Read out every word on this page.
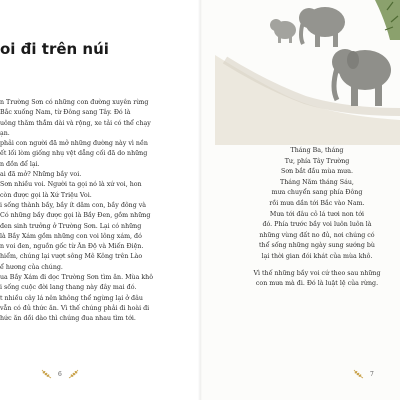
oi đi trên núi
n Trường Sơn có những con đường xuyên rừng
Bắc xuống Nam, từ Đông sang Tây. Đó là
uông thăm thẳm dài và rộng, xe tải có thể chạy
ạn.
phải con người đã mở những đường này vì nền
ết lối lòm giống nhụ vệt dẫng cối đã do những
n đồn để lại.
ai đã mở? Những bầy voi.
Sơn nhiều voi. Người ta gọi nó là xứ voi, hon
còn được gọi là Xứ Triệu Voi.
i sống thành bầy, bầy ít dăm con, bầy đông và
Có những bầy được gọi là Bầy Đen, gồm những
đen sinh trưởng ở Trường Sơn. Lại có những
là Bầy Xám gồm những con voi lông xám, đó
n voi đen, nguồn gốc từ Ấn Độ và Miến Điện.
hiểm, chúng lại vượt sông Mê Kông trên Lào
ể hương của chúng.
ua Bầy Xám đi dọc Trường Sơn tìm ăn. Mùa khô
i sống cuộc đời lang thang này đây mai đó.
t nhiều cây lá nên không thể ngừng lại ở đâu
vẫn có đủ thức ăn. Vì thế chúng phải đi hoài đi
hức ăn dồi dào thì chúng đua nhau tìm tới.
6
Tháng Ba, tháng
Tư, phía Tây Trường
Sơn bắt đầu mùa mưa.
Tháng Năm tháng Sáu,
mưa chuyển sang phía Đông
rồi mưa dần tới Bắc vào Nam.
Mưa tới đâu cỏ lá tươi non tới
đó. Phía trước bầy voi luôn luôn là
những vùng đất no đủ, nơi chúng có
thể sống những ngày sung sướng bù
lại thời gian đói khát của mùa khô.
Vì thế những bầy voi cứ theo sau những
con mưa mà đi. Đó là luật lệ của rừng.
7
